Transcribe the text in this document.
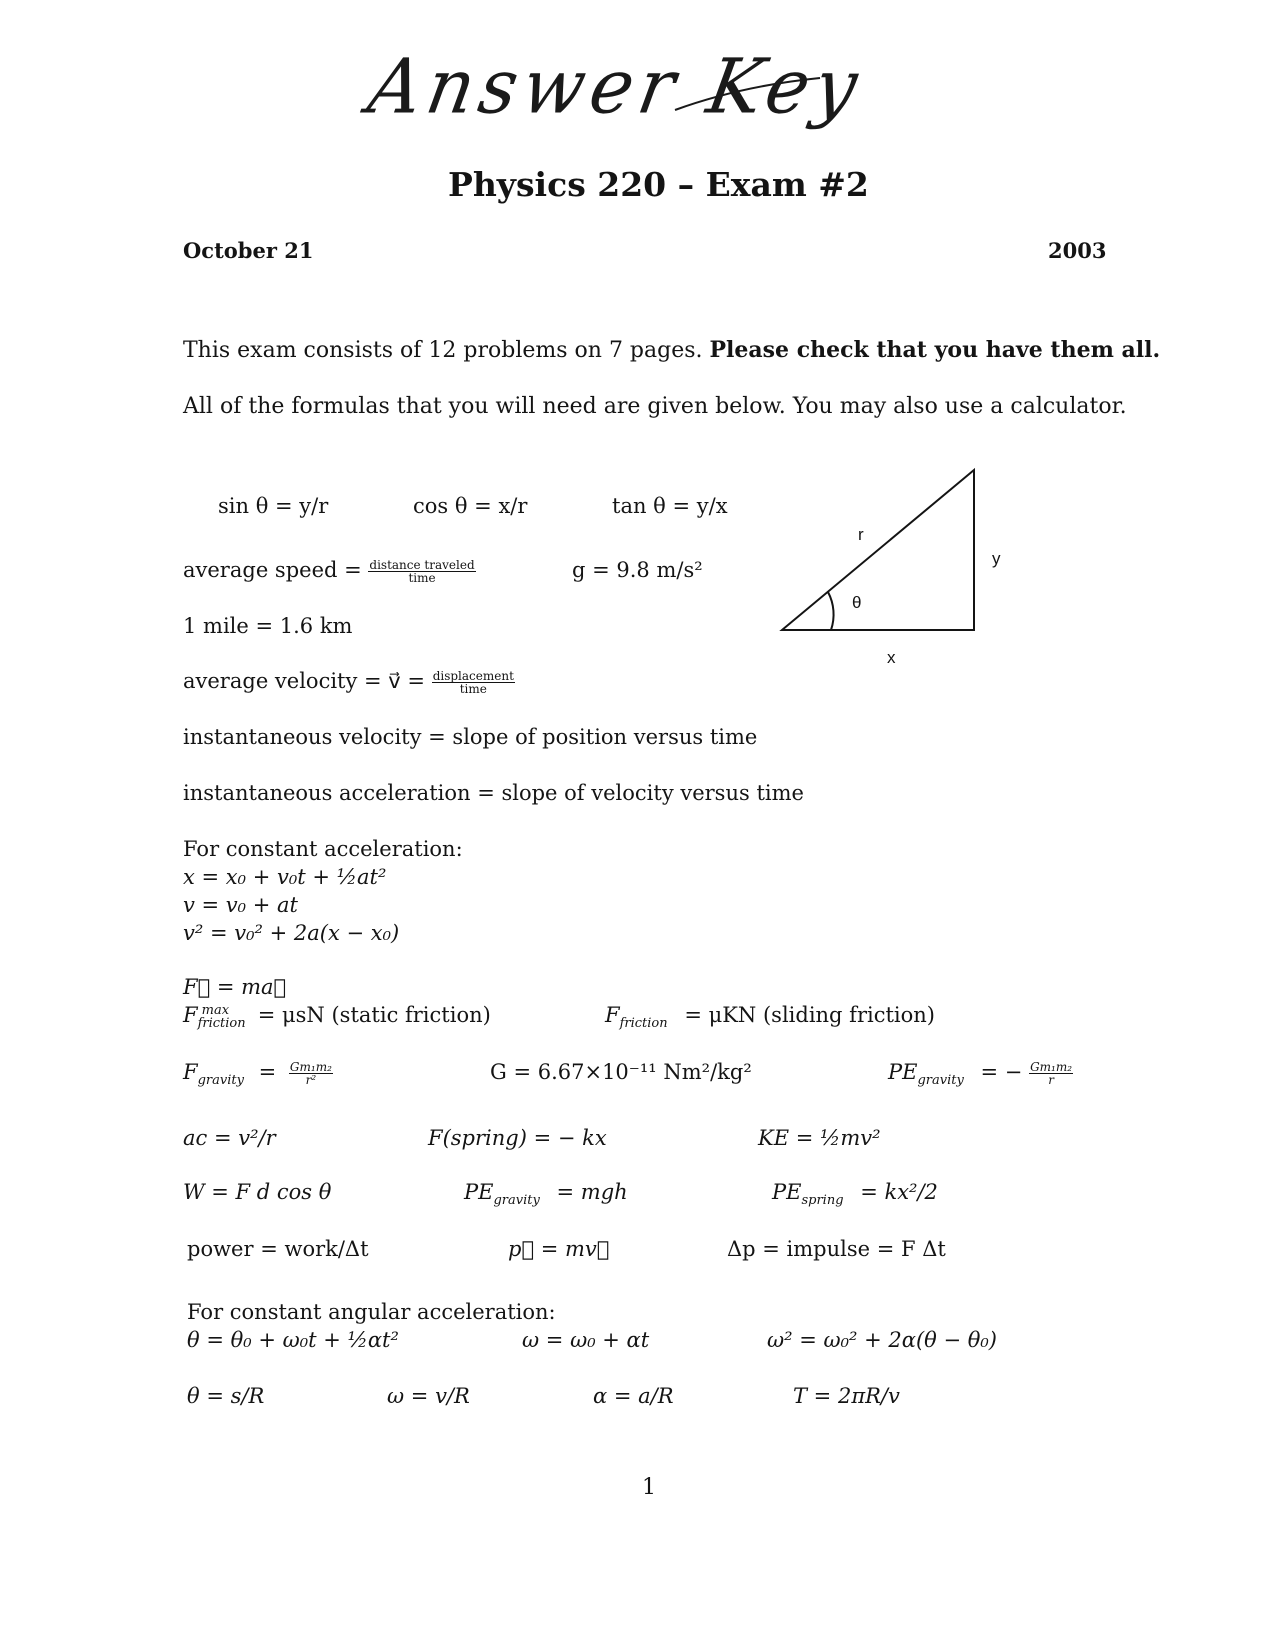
Answer Key
Physics 220 – Exam #2
October 21	2003
This exam consists of 12 problems on 7 pages. Please check that you have them all.
All of the formulas that you will need are given below. You may also use a calculator.
sin θ = y/r	cos θ = x/r	tan θ = y/x
r
y
x
θ
average speed = $\frac{\text{distance traveled}}{\text{time}}$	g = 9.8 m/s²
1 mile = 1.6 km
average velocity = v⃗ = $\frac{\text{displacement}}{\text{time}}$
instantaneous velocity = slope of position versus time
instantaneous acceleration = slope of velocity versus time
For constant acceleration:
x = x₀ + v₀t + ½at²
v = v₀ + at
v² = v₀² + 2a(x − x₀)
F⃗ = ma⃗
$F_{friction}^{max} = \mu sN$ (static friction)	$F_{friction} = \mu KN$ (sliding friction)
$F_{gravity} = \frac{\text{Gm₁m₂}}{\text{r²}}$	G = 6.67×10⁻¹¹ Nm²/kg²	$PE_{gravity}$ = − $\frac{\text{Gm₁m₂}}{r}$
ac = v²/r	F(spring) = − kx	KE = ½mv²
W = F d cos θ	$PE_{gravity}$ = mgh	$PE_{spring} = kx^2/2$
power = work/Δt	p⃗ = mv⃗	Δp = impulse = F Δt
For constant angular acceleration:
θ = θ₀ + ω₀t + ½αt²	ω = ω₀ + αt	ω² = ω₀² + 2α(θ − θ₀)
θ = s/R	ω = v/R	α = a/R	T = 2πR/v
1
